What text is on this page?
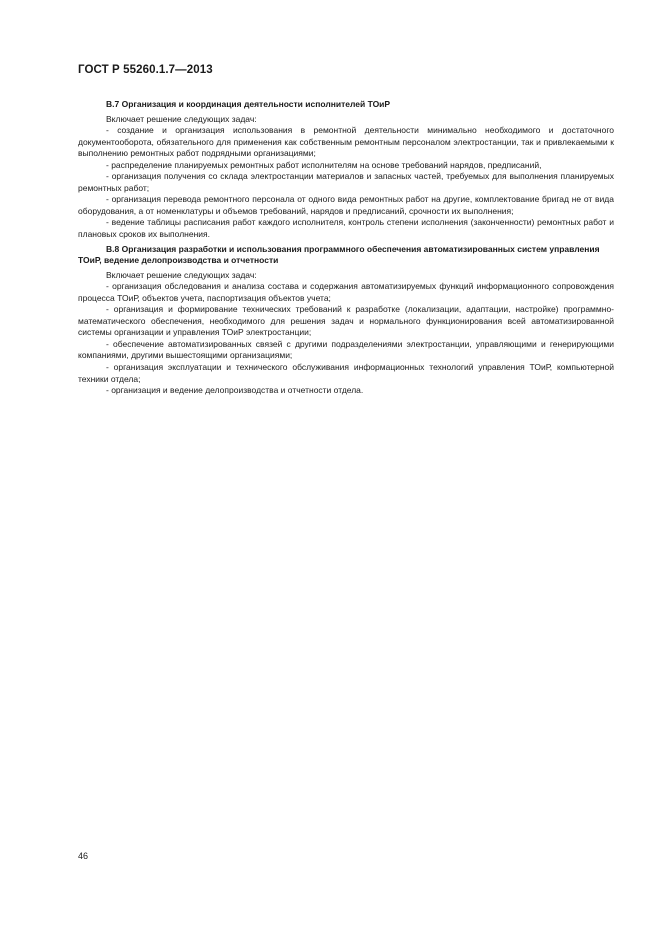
ГОСТ Р 55260.1.7—2013

В.7 Организация и координация деятельности исполнителей ТОиР

Включает решение следующих задач:

- создание и организация использования в ремонтной деятельности минимально необходимого и достаточного документооборота, обязательного для применения как собственным ремонтным персоналом электростанции, так и привлекаемыми к выполнению ремонтных работ подрядными организациями;

- распределение планируемых ремонтных работ исполнителям на основе требований нарядов, предписаний,

- организация получения со склада электростанции материалов и запасных частей, требуемых для выполнения планируемых ремонтных работ;

- организация перевода ремонтного персонала от одного вида ремонтных работ на другие, комплектование бригад не от вида оборудования, а от номенклатуры и объемов требований, нарядов и предписаний, срочности их выполнения;

- ведение таблицы расписания работ каждого исполнителя, контроль степени исполнения (законченности) ремонтных работ и плановых сроков их выполнения.

В.8 Организация разработки и использования программного обеспечения автоматизированных систем управления ТОиР, ведение делопроизводства и отчетности

Включает решение следующих задач:

- организация обследования и анализа состава и содержания автоматизируемых функций информационного сопровождения процесса ТОиР, объектов учета, паспортизация объектов учета;

- организация и формирование технических требований к разработке (локализации, адаптации, настройке) программно-математического обеспечения, необходимого для решения задач и нормального функционирования всей автоматизированной системы организации и управления ТОиР электростанции;

- обеспечение автоматизированных связей с другими подразделениями электростанции, управляющими и генерирующими компаниями, другими вышестоящими организациями;

- организация эксплуатации и технического обслуживания информационных технологий управления ТОиР, компьютерной техники отдела;

- организация и ведение делопроизводства и отчетности отдела.

46
